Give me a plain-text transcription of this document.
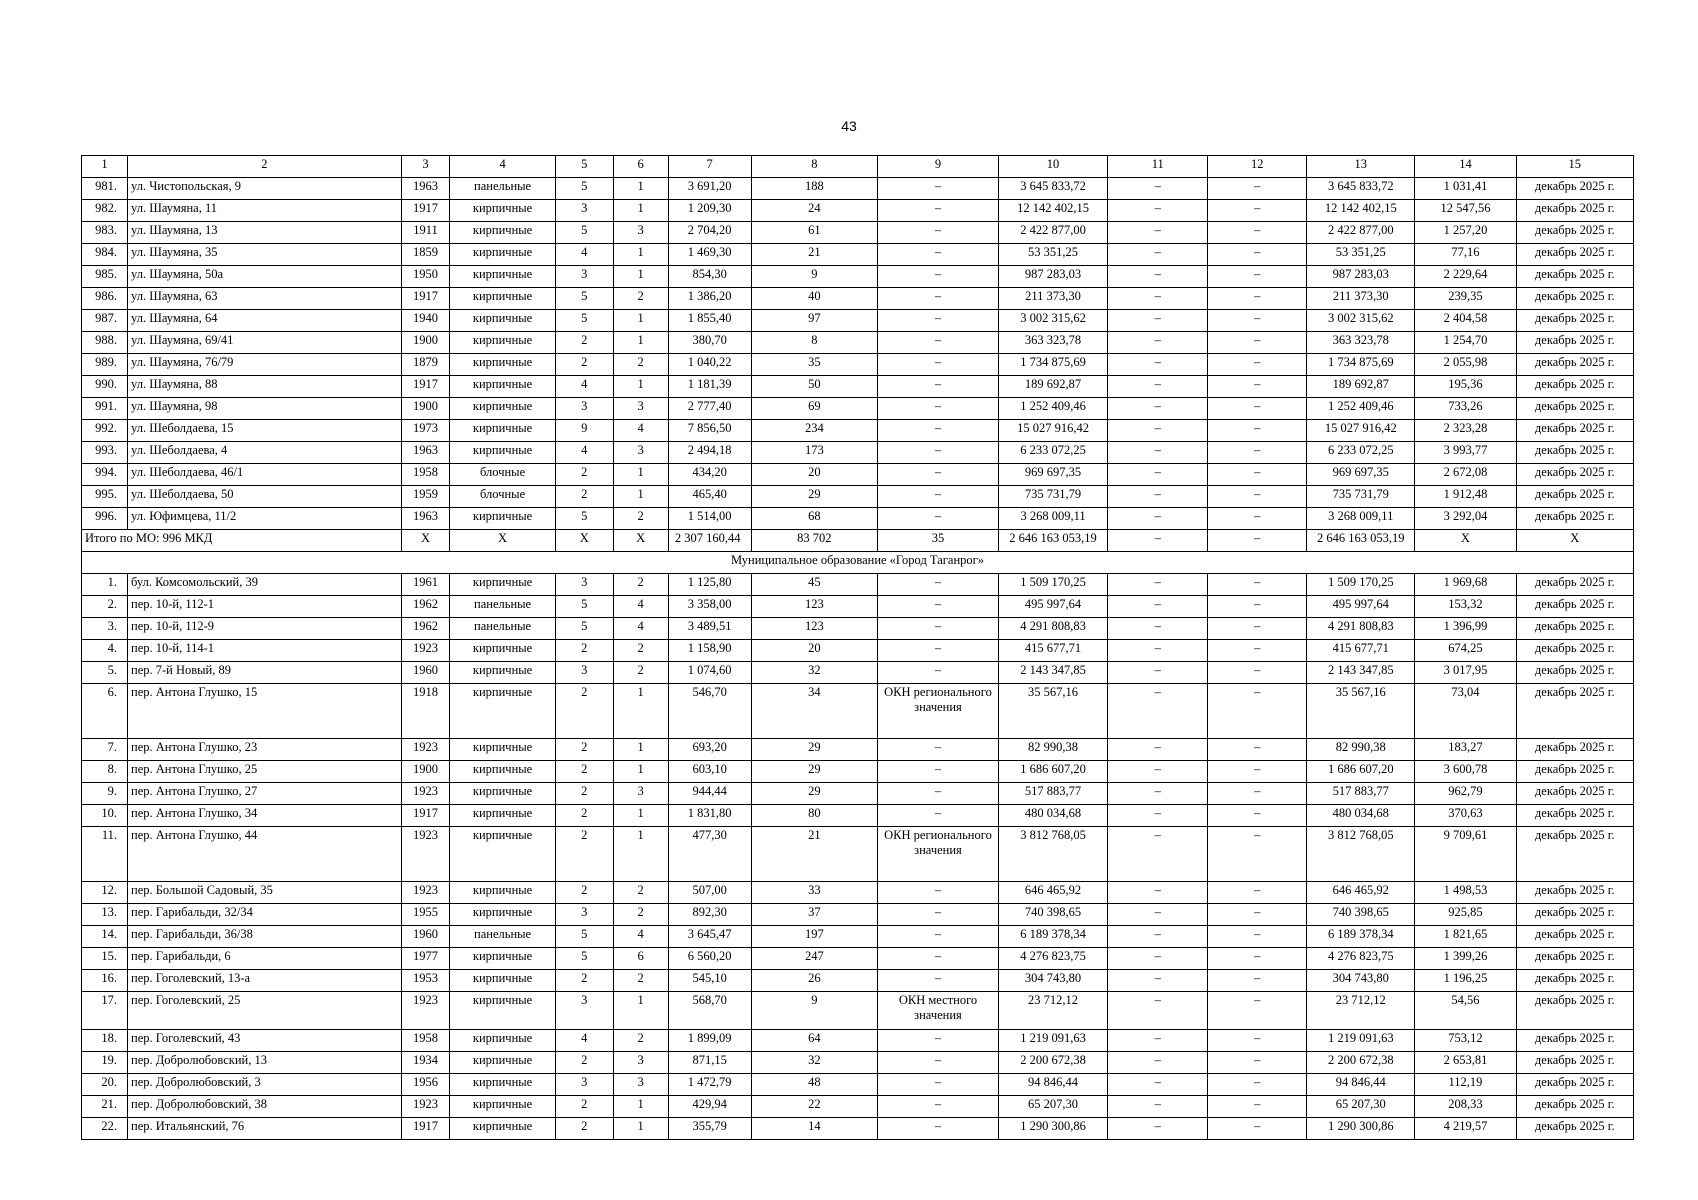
43
1	2	3	4	5	6	7	8	9	10	11	12	13	14	15
981.	ул. Чистопольская, 9	1963	панельные	5	1	3 691,20	188	–	3 645 833,72	–	–	3 645 833,72	1 031,41	декабрь 2025 г.
982.	ул. Шаумяна, 11	1917	кирпичные	3	1	1 209,30	24	–	12 142 402,15	–	–	12 142 402,15	12 547,56	декабрь 2025 г.
983.	ул. Шаумяна, 13	1911	кирпичные	5	3	2 704,20	61	–	2 422 877,00	–	–	2 422 877,00	1 257,20	декабрь 2025 г.
984.	ул. Шаумяна, 35	1859	кирпичные	4	1	1 469,30	21	–	53 351,25	–	–	53 351,25	77,16	декабрь 2025 г.
985.	ул. Шаумяна, 50а	1950	кирпичные	3	1	854,30	9	–	987 283,03	–	–	987 283,03	2 229,64	декабрь 2025 г.
986.	ул. Шаумяна, 63	1917	кирпичные	5	2	1 386,20	40	–	211 373,30	–	–	211 373,30	239,35	декабрь 2025 г.
987.	ул. Шаумяна, 64	1940	кирпичные	5	1	1 855,40	97	–	3 002 315,62	–	–	3 002 315,62	2 404,58	декабрь 2025 г.
988.	ул. Шаумяна, 69/41	1900	кирпичные	2	1	380,70	8	–	363 323,78	–	–	363 323,78	1 254,70	декабрь 2025 г.
989.	ул. Шаумяна, 76/79	1879	кирпичные	2	2	1 040,22	35	–	1 734 875,69	–	–	1 734 875,69	2 055,98	декабрь 2025 г.
990.	ул. Шаумяна, 88	1917	кирпичные	4	1	1 181,39	50	–	189 692,87	–	–	189 692,87	195,36	декабрь 2025 г.
991.	ул. Шаумяна, 98	1900	кирпичные	3	3	2 777,40	69	–	1 252 409,46	–	–	1 252 409,46	733,26	декабрь 2025 г.
992.	ул. Шеболдаева, 15	1973	кирпичные	9	4	7 856,50	234	–	15 027 916,42	–	–	15 027 916,42	2 323,28	декабрь 2025 г.
993.	ул. Шеболдаева, 4	1963	кирпичные	4	3	2 494,18	173	–	6 233 072,25	–	–	6 233 072,25	3 993,77	декабрь 2025 г.
994.	ул. Шеболдаева, 46/1	1958	блочные	2	1	434,20	20	–	969 697,35	–	–	969 697,35	2 672,08	декабрь 2025 г.
995.	ул. Шеболдаева, 50	1959	блочные	2	1	465,40	29	–	735 731,79	–	–	735 731,79	1 912,48	декабрь 2025 г.
996.	ул. Юфимцева, 11/2	1963	кирпичные	5	2	1 514,00	68	–	3 268 009,11	–	–	3 268 009,11	3 292,04	декабрь 2025 г.
Итого по МО: 996 МКД		X	X	X	X	2 307 160,44	83 702	35	2 646 163 053,19	–	–	2 646 163 053,19	X	X
Муниципальное образование «Город Таганрог»														
1.	бул. Комсомольский, 39	1961	кирпичные	3	2	1 125,80	45	–	1 509 170,25	–	–	1 509 170,25	1 969,68	декабрь 2025 г.
2.	пер. 10-й, 112-1	1962	панельные	5	4	3 358,00	123	–	495 997,64	–	–	495 997,64	153,32	декабрь 2025 г.
3.	пер. 10-й, 112-9	1962	панельные	5	4	3 489,51	123	–	4 291 808,83	–	–	4 291 808,83	1 396,99	декабрь 2025 г.
4.	пер. 10-й, 114-1	1923	кирпичные	2	2	1 158,90	20	–	415 677,71	–	–	415 677,71	674,25	декабрь 2025 г.
5.	пер. 7-й Новый, 89	1960	кирпичные	3	2	1 074,60	32	–	2 143 347,85	–	–	2 143 347,85	3 017,95	декабрь 2025 г.
6.	пер. Антона Глушко, 15	1918	кирпичные	2	1	546,70	34	ОКН регионального значения	35 567,16	–	–	35 567,16	73,04	декабрь 2025 г.
7.	пер. Антона Глушко, 23	1923	кирпичные	2	1	693,20	29	–	82 990,38	–	–	82 990,38	183,27	декабрь 2025 г.
8.	пер. Антона Глушко, 25	1900	кирпичные	2	1	603,10	29	–	1 686 607,20	–	–	1 686 607,20	3 600,78	декабрь 2025 г.
9.	пер. Антона Глушко, 27	1923	кирпичные	2	3	944,44	29	–	517 883,77	–	–	517 883,77	962,79	декабрь 2025 г.
10.	пер. Антона Глушко, 34	1917	кирпичные	2	1	1 831,80	80	–	480 034,68	–	–	480 034,68	370,63	декабрь 2025 г.
11.	пер. Антона Глушко, 44	1923	кирпичные	2	1	477,30	21	ОКН регионального значения	3 812 768,05	–	–	3 812 768,05	9 709,61	декабрь 2025 г.
12.	пер. Большой Садовый, 35	1923	кирпичные	2	2	507,00	33	–	646 465,92	–	–	646 465,92	1 498,53	декабрь 2025 г.
13.	пер. Гарибальди, 32/34	1955	кирпичные	3	2	892,30	37	–	740 398,65	–	–	740 398,65	925,85	декабрь 2025 г.
14.	пер. Гарибальди, 36/38	1960	панельные	5	4	3 645,47	197	–	6 189 378,34	–	–	6 189 378,34	1 821,65	декабрь 2025 г.
15.	пер. Гарибальди, 6	1977	кирпичные	5	6	6 560,20	247	–	4 276 823,75	–	–	4 276 823,75	1 399,26	декабрь 2025 г.
16.	пер. Гоголевский, 13-а	1953	кирпичные	2	2	545,10	26	–	304 743,80	–	–	304 743,80	1 196,25	декабрь 2025 г.
17.	пер. Гоголевский, 25	1923	кирпичные	3	1	568,70	9	ОКН местного значения	23 712,12	–	–	23 712,12	54,56	декабрь 2025 г.
18.	пер. Гоголевский, 43	1958	кирпичные	4	2	1 899,09	64	–	1 219 091,63	–	–	1 219 091,63	753,12	декабрь 2025 г.
19.	пер. Добролюбовский, 13	1934	кирпичные	2	3	871,15	32	–	2 200 672,38	–	–	2 200 672,38	2 653,81	декабрь 2025 г.
20.	пер. Добролюбовский, 3	1956	кирпичные	3	3	1 472,79	48	–	94 846,44	–	–	94 846,44	112,19	декабрь 2025 г.
21.	пер. Добролюбовский, 38	1923	кирпичные	2	1	429,94	22	–	65 207,30	–	–	65 207,30	208,33	декабрь 2025 г.
22.	пер. Итальянский, 76	1917	кирпичные	2	1	355,79	14	–	1 290 300,86	–	–	1 290 300,86	4 219,57	декабрь 2025 г.
